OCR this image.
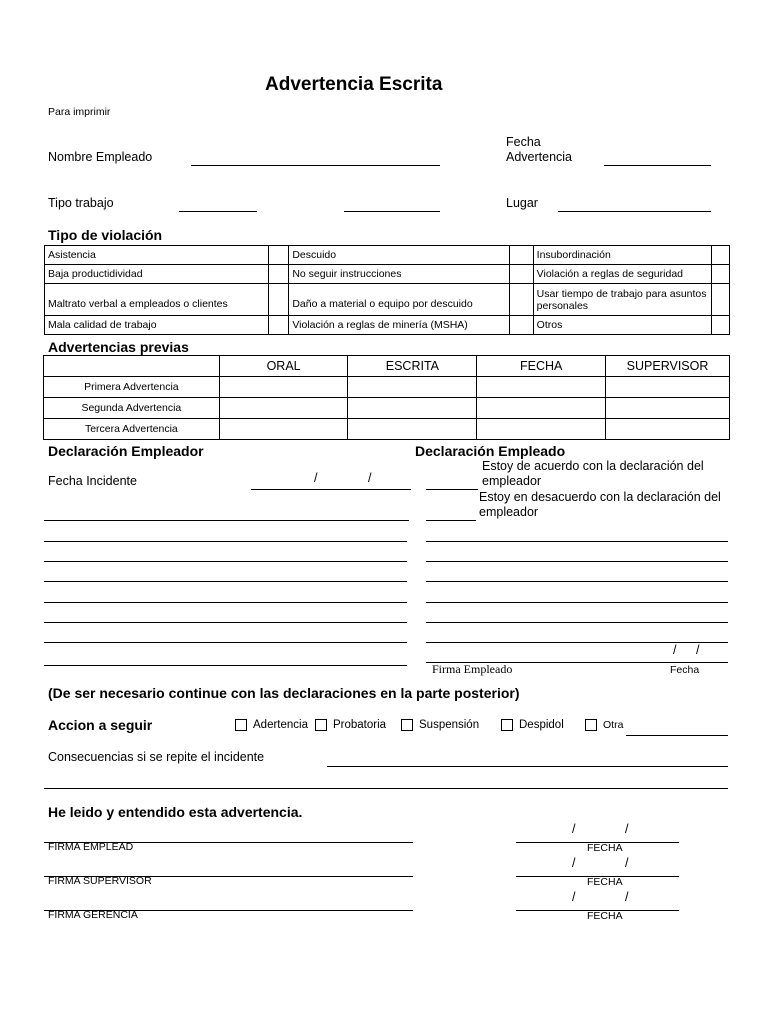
Advertencia Escrita
Para imprimir
Nombre Empleado
Fecha
Advertencia
Tipo trabajo	Lugar
Tipo de violación
Asistencia		Descuido		Insubordinación	
Baja productidividad		No seguir instrucciones		Violación a reglas de seguridad	
Maltrato verbal a empleados o clientes		Daño a material o equipo por descuido		Usar tiempo de trabajo para asuntos personales	
Mala calidad de trabajo		Violación a reglas de minería (MSHA)		Otros	
Advertencias previas
	ORAL	ESCRITA	FECHA	SUPERVISOR
Primera Advertencia				
Segunda Advertencia				
Tercera Advertencia				
Declaración Empleador
Fecha Incidente	/	/
Declaración Empleado
Estoy de acuerdo con la declaración del empleador
Estoy en desacuerdo con la declaración del empleador
/ /
Firma Empleado	Fecha
(De ser necesario continue con las declaraciones en la parte posterior)
Accion a seguir	Adertencia	Probatoria	Suspensión	Despidol	Otra
Consecuencias si se repite el incidente
He leido y entendido esta advertencia.
FIRMA EMPLEAD
/	/
FECHA
FIRMA SUPERVISOR
/	/
FECHA
FIRMA GERENCIA
/	/
FECHA
